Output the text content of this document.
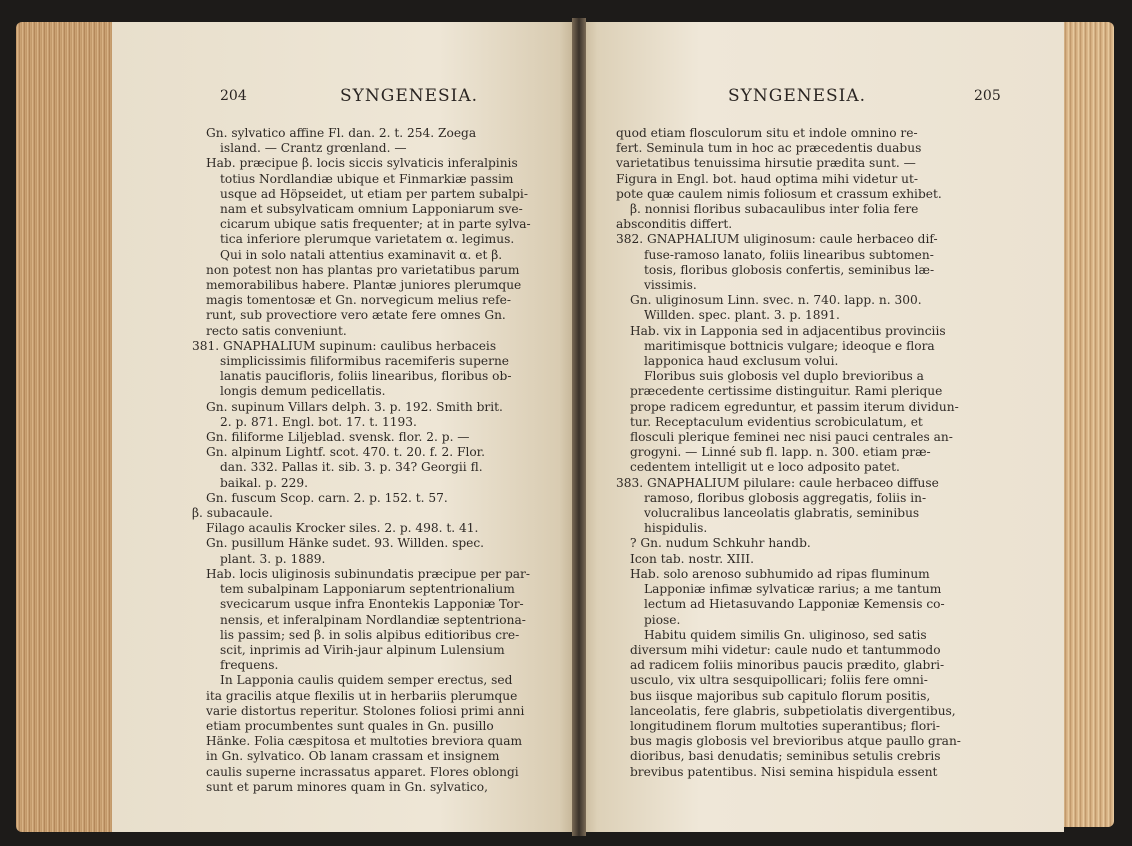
204	SYNGENESIA.

Gn. sylvatico affine Fl. dan. 2. t. 254. Zoega

island. — Crantz grœnland. —

Hab. præcipue β. locis siccis sylvaticis inferalpinis

totius Nordlandiæ ubique et Finmarkiæ passim

usque ad Höpseidet, ut etiam per partem subalpi-

nam et subsylvaticam omnium Lapponiarum sve-

cicarum ubique satis frequenter; at in parte sylva-

tica inferiore plerumque varietatem α. legimus.

Qui in solo natali attentius examinavit α. et β.

non potest non has plantas pro varietatibus parum

memorabilibus habere. Plantæ juniores plerumque

magis tomentosæ et Gn. norvegicum melius refe-

runt, sub provectiore vero ætate fere omnes Gn.

recto satis conveniunt.

381. GNAPHALIUM supinum: caulibus herbaceis

simplicissimis filiformibus racemiferis superne

lanatis paucifloris, foliis linearibus, floribus ob-

longis demum pedicellatis.

Gn. supinum Villars delph. 3. p. 192. Smith brit.

2. p. 871. Engl. bot. 17. t. 1193.

Gn. filiforme Liljeblad. svensk. flor. 2. p. —

Gn. alpinum Lightf. scot. 470. t. 20. f. 2. Flor.

dan. 332. Pallas it. sib. 3. p. 34? Georgii fl.

baikal. p. 229.

Gn. fuscum Scop. carn. 2. p. 152. t. 57.

β. subacaule.

Filago acaulis Krocker siles. 2. p. 498. t. 41.

Gn. pusillum Hänke sudet. 93. Willden. spec.

plant. 3. p. 1889.

Hab. locis uliginosis subinundatis præcipue per par-

tem subalpinam Lapponiarum septentrionalium

svecicarum usque infra Enontekis Lapponiæ Tor-

nensis, et inferalpinam Nordlandiæ septentriona-

lis passim; sed β. in solis alpibus editioribus cre-

scit, inprimis ad Virih-jaur alpinum Lulensium

frequens.

In Lapponia caulis quidem semper erectus, sed

ita gracilis atque flexilis ut in herbariis plerumque

varie distortus reperitur. Stolones foliosi primi anni

etiam procumbentes sunt quales in Gn. pusillo

Hänke. Folia cæspitosa et multoties breviora quam

in Gn. sylvatico. Ob lanam crassam et insignem

caulis superne incrassatus apparet. Flores oblongi

sunt et parum minores quam in Gn. sylvatico,

SYNGENESIA.	205

quod etiam flosculorum situ et indole omnino re-

fert. Seminula tum in hoc ac præcedentis duabus

varietatibus tenuissima hirsutie prædita sunt. —

Figura in Engl. bot. haud optima mihi videtur ut-

pote quæ caulem nimis foliosum et crassum exhibet.

β. nonnisi floribus subacaulibus inter folia fere

absconditis differt.

382. GNAPHALIUM uliginosum: caule herbaceo dif-

fuse-ramoso lanato, foliis linearibus subtomen-

tosis, floribus globosis confertis, seminibus læ-

vissimis.

Gn. uliginosum Linn. svec. n. 740. lapp. n. 300.

Willden. spec. plant. 3. p. 1891.

Hab. vix in Lapponia sed in adjacentibus provinciis

maritimisque bottnicis vulgare; ideoque e flora

lapponica haud exclusum volui.

Floribus suis globosis vel duplo brevioribus a

præcedente certissime distinguitur. Rami plerique

prope radicem egreduntur, et passim iterum dividun-

tur. Receptaculum evidentius scrobiculatum, et

flosculi plerique feminei nec nisi pauci centrales an-

grogyni. — Linné sub fl. lapp. n. 300. etiam præ-

cedentem intelligit ut e loco adposito patet.

383. GNAPHALIUM pilulare: caule herbaceo diffuse

ramoso, floribus globosis aggregatis, foliis in-

volucralibus lanceolatis glabratis, seminibus

hispidulis.

? Gn. nudum Schkuhr handb.

Icon tab. nostr. XIII.

Hab. solo arenoso subhumido ad ripas fluminum

Lapponiæ infimæ sylvaticæ rarius; a me tantum

lectum ad Hietasuvando Lapponiæ Kemensis co-

piose.

Habitu quidem similis Gn. uliginoso, sed satis

diversum mihi videtur: caule nudo et tantummodo

ad radicem foliis minoribus paucis prædito, glabri-

usculo, vix ultra sesquipollicari; foliis fere omni-

bus iisque majoribus sub capitulo florum positis,

lanceolatis, fere glabris, subpetiolatis divergentibus,

longitudinem florum multoties superantibus; flori-

bus magis globosis vel brevioribus atque paullo gran-

dioribus, basi denudatis; seminibus setulis crebris

brevibus patentibus. Nisi semina hispidula essent
